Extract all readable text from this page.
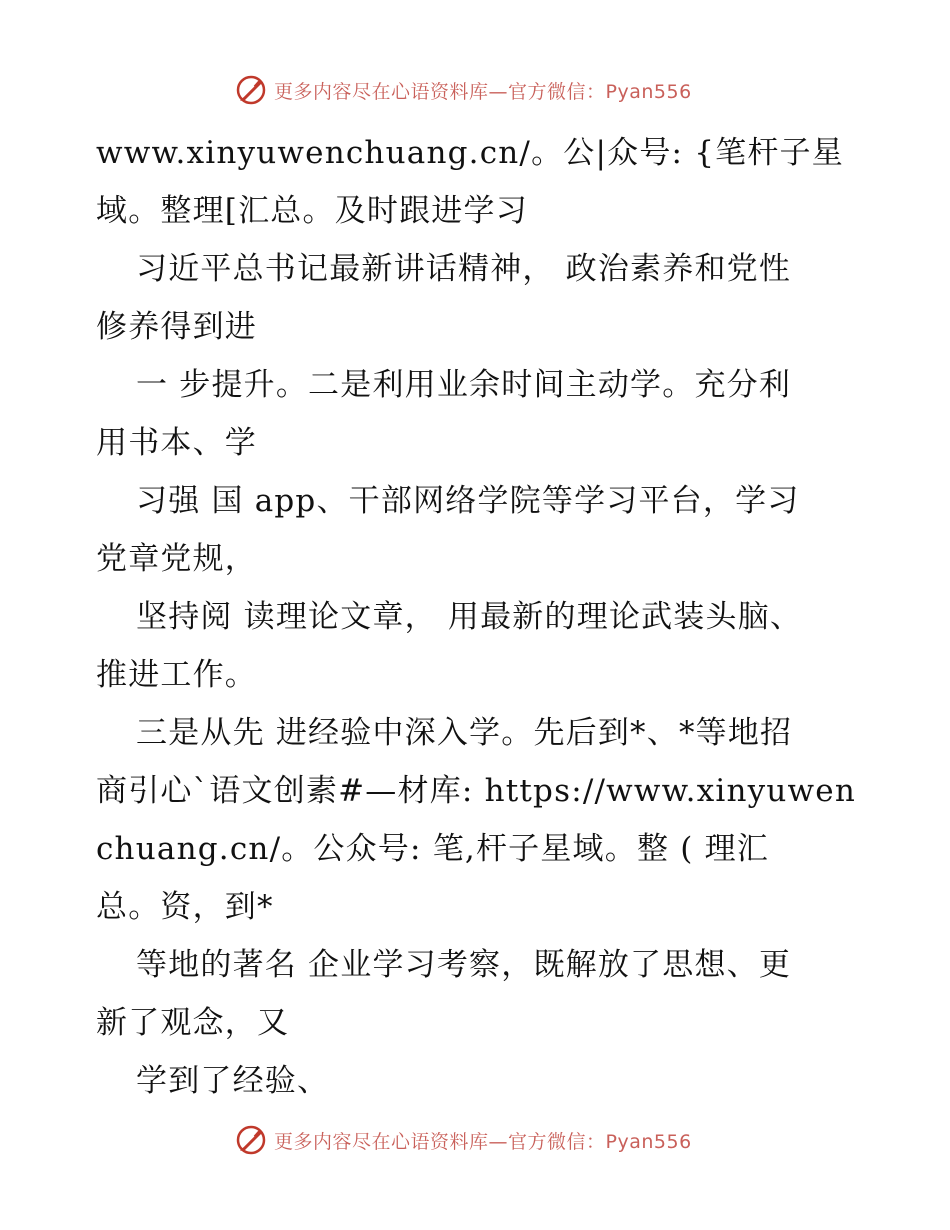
更多内容尽在心语资料库—官方微信：Pyan556
www.xinyuwenchuang.cn/。公|众号: {笔杆子星
域。整理[汇总。及时跟进学习
习近平总书记最新讲话精神， 政治素养和党性
修养得到进
一 步提升。二是利用业余时间主动学。充分利
用书本、学
习强 国 app、干部网络学院等学习平台，学习
党章党规，
坚持阅 读理论文章， 用最新的理论武装头脑、
推进工作。
三是从先 进经验中深入学。先后到*、*等地招
商引心`语文创素#—材库: https://www.xinyuwen
chuang.cn/。公众号: 笔,杆子星域。整 ( 理汇
总。资，到*
等地的著名 企业学习考察，既解放了思想、更
新了观念，又
学到了经验、
更多内容尽在心语资料库—官方微信：Pyan556
